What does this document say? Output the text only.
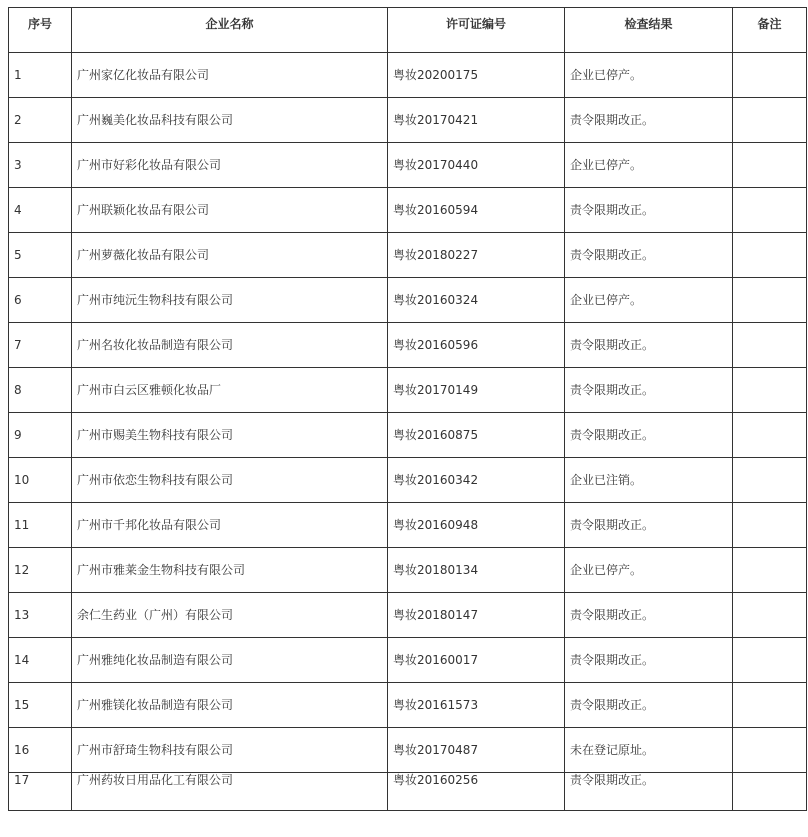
序号	企业名称	许可证编号	检查结果	备注
1	广州家亿化妆品有限公司	粤妆20200175	企业已停产。	
2	广州巍美化妆品科技有限公司	粤妆20170421	责令限期改正。	
3	广州市好彩化妆品有限公司	粤妆20170440	企业已停产。	
4	广州联颖化妆品有限公司	粤妆20160594	责令限期改正。	
5	广州萝薇化妆品有限公司	粤妆20180227	责令限期改正。	
6	广州市纯沅生物科技有限公司	粤妆20160324	企业已停产。	
7	广州名妆化妆品制造有限公司	粤妆20160596	责令限期改正。	
8	广州市白云区雅顿化妆品厂	粤妆20170149	责令限期改正。	
9	广州市赐美生物科技有限公司	粤妆20160875	责令限期改正。	
10	广州市依恋生物科技有限公司	粤妆20160342	企业已注销。	
11	广州市千邦化妆品有限公司	粤妆20160948	责令限期改正。	
12	广州市雅莱金生物科技有限公司	粤妆20180134	企业已停产。	
13	余仁生药业（广州）有限公司	粤妆20180147	责令限期改正。	
14	广州雅纯化妆品制造有限公司	粤妆20160017	责令限期改正。	
15	广州雅镁化妆品制造有限公司	粤妆20161573	责令限期改正。	
16	广州市舒琦生物科技有限公司	粤妆20170487	未在登记原址。	
17	广州药妆日用品化工有限公司	粤妆20160256	责令限期改正。	
